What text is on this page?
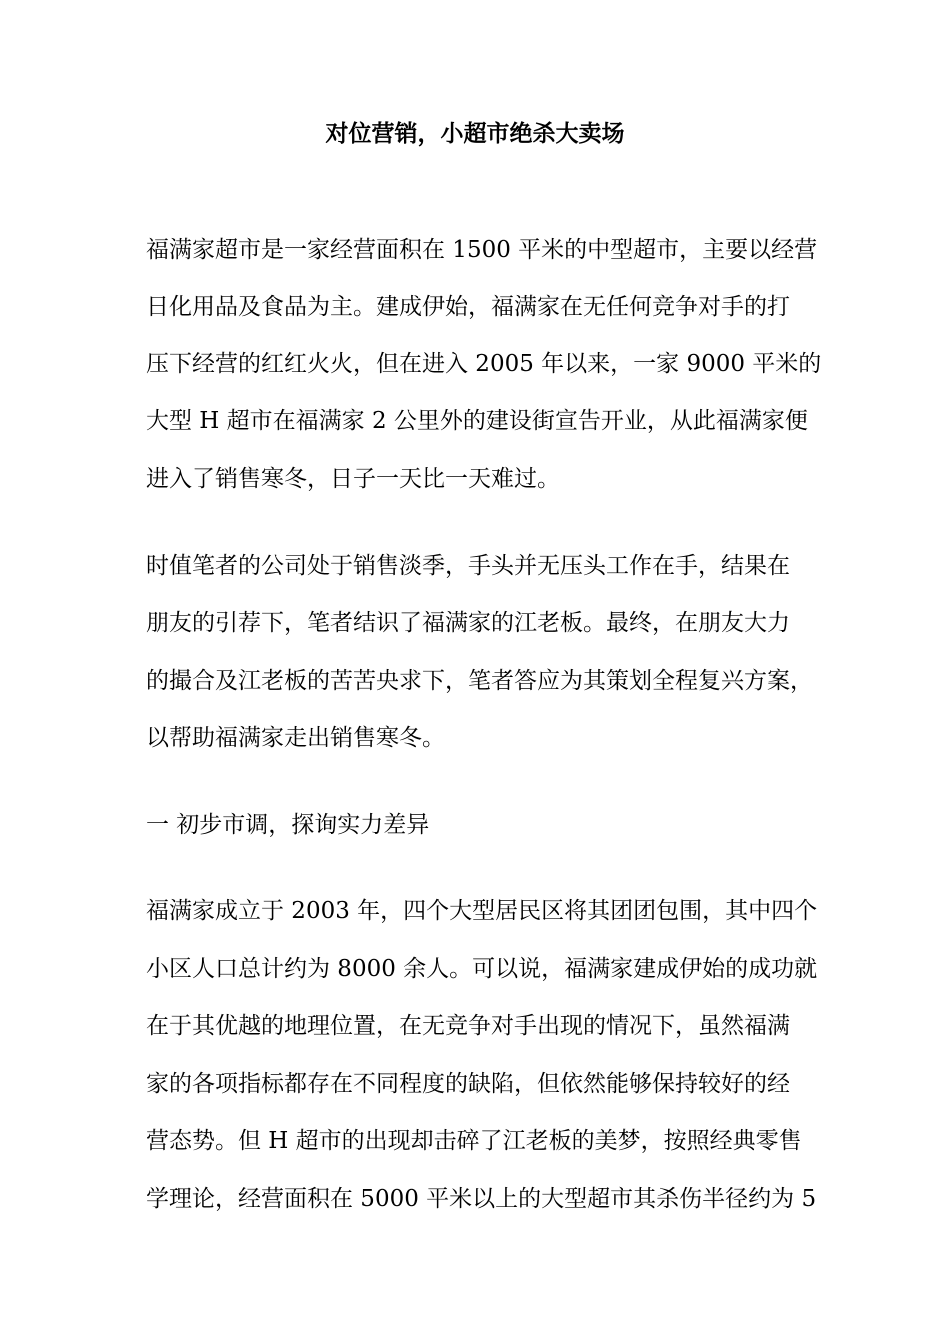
对位营销，小超市绝杀大卖场

福满家超市是一家经营面积在 1500 平米的中型超市，主要以经营

日化用品及食品为主。建成伊始，福满家在无任何竞争对手的打

压下经营的红红火火，但在进入 2005 年以来，一家 9000 平米的

大型 H 超市在福满家 2 公里外的建设街宣告开业，从此福满家便

进入了销售寒冬，日子一天比一天难过。

时值笔者的公司处于销售淡季，手头并无压头工作在手，结果在

朋友的引荐下，笔者结识了福满家的江老板。最终，在朋友大力

的撮合及江老板的苦苦央求下，笔者答应为其策划全程复兴方案，

以帮助福满家走出销售寒冬。

一 初步市调，探询实力差异

福满家成立于 2003 年，四个大型居民区将其团团包围，其中四个

小区人口总计约为 8000 余人。可以说，福满家建成伊始的成功就

在于其优越的地理位置，在无竞争对手出现的情况下，虽然福满

家的各项指标都存在不同程度的缺陷，但依然能够保持较好的经

营态势。但 H 超市的出现却击碎了江老板的美梦，按照经典零售

学理论，经营面积在 5000 平米以上的大型超市其杀伤半径约为 5
